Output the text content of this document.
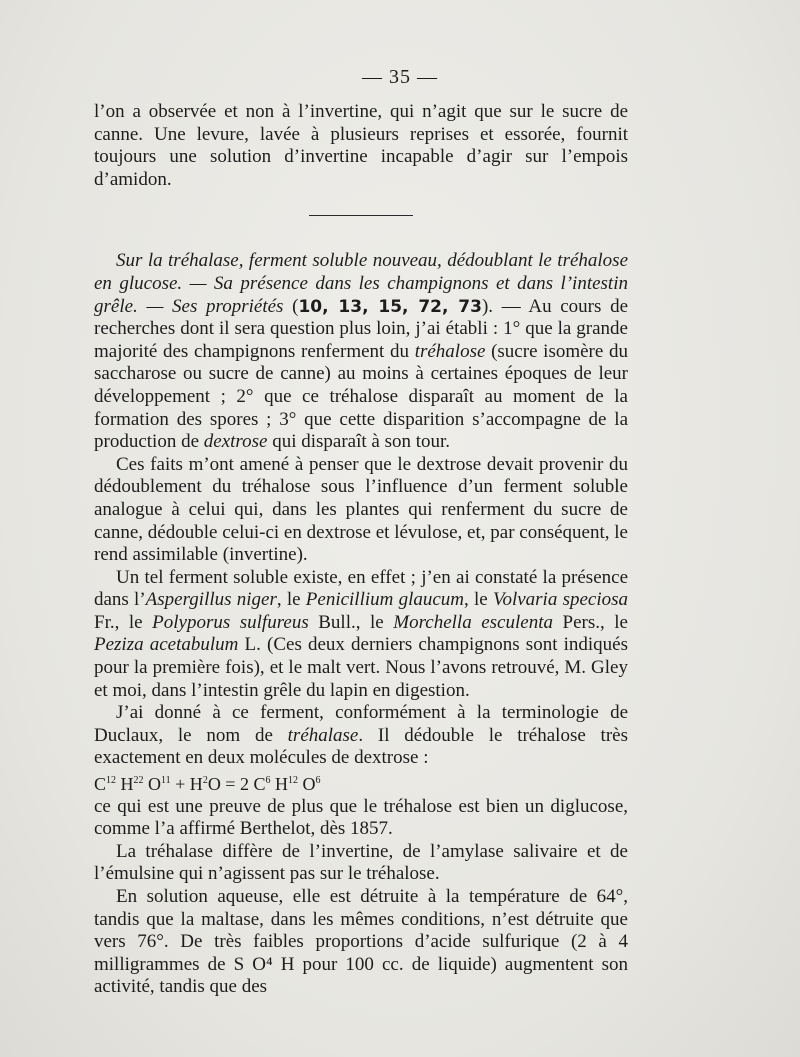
— 35 —

l’on a observée et non à l’invertine, qui n’agit que sur le sucre de canne. Une levure, lavée à plusieurs reprises et essorée, fournit toujours une solution d’invertine incapable d’agir sur l’empois d’amidon.

Sur la tréhalase, ferment soluble nouveau, dédoublant le tréhalose en glucose. — Sa présence dans les champignons et dans l’intestin grêle. — Ses propriétés (10, 13, 15, 72, 73). — Au cours de recherches dont il sera question plus loin, j’ai établi : 1° que la grande majorité des champignons renferment du tréhalose (sucre isomère du saccharose ou sucre de canne) au moins à certaines époques de leur développement ; 2° que ce tréhalose disparaît au moment de la formation des spores ; 3° que cette disparition s’accompagne de la production de dextrose qui disparaît à son tour.

Ces faits m’ont amené à penser que le dextrose devait provenir du dédoublement du tréhalose sous l’influence d’un ferment soluble analogue à celui qui, dans les plantes qui renferment du sucre de canne, dédouble celui-ci en dextrose et lévulose, et, par conséquent, le rend assimilable (invertine).

Un tel ferment soluble existe, en effet ; j’en ai constaté la présence dans l’Aspergillus niger, le Penicillium glaucum, le Volvaria speciosa Fr., le Polyporus sulfureus Bull., le Morchella esculenta Pers., le Peziza acetabulum L. (Ces deux derniers champignons sont indiqués pour la première fois), et le malt vert. Nous l’avons retrouvé, M. Gley et moi, dans l’intestin grêle du lapin en digestion.

J’ai donné à ce ferment, conformément à la terminologie de Duclaux, le nom de tréhalase. Il dédouble le tréhalose très exactement en deux molécules de dextrose :

$C^{12}$ $H^{22}$ $O^{11} + H^2O = 2$ $C^6$ $H^{12}$ $O^6$

ce qui est une preuve de plus que le tréhalose est bien un diglucose, comme l’a affirmé Berthelot, dès 1857.

La tréhalase diffère de l’invertine, de l’amylase salivaire et de l’émulsine qui n’agissent pas sur le tréhalose.

En solution aqueuse, elle est détruite à la température de 64°, tandis que la maltase, dans les mêmes conditions, n’est détruite que vers 76°. De très faibles proportions d’acide sulfurique (2 à 4 milligrammes de S O⁴ H pour 100 cc. de liquide) augmentent son activité, tandis que des
